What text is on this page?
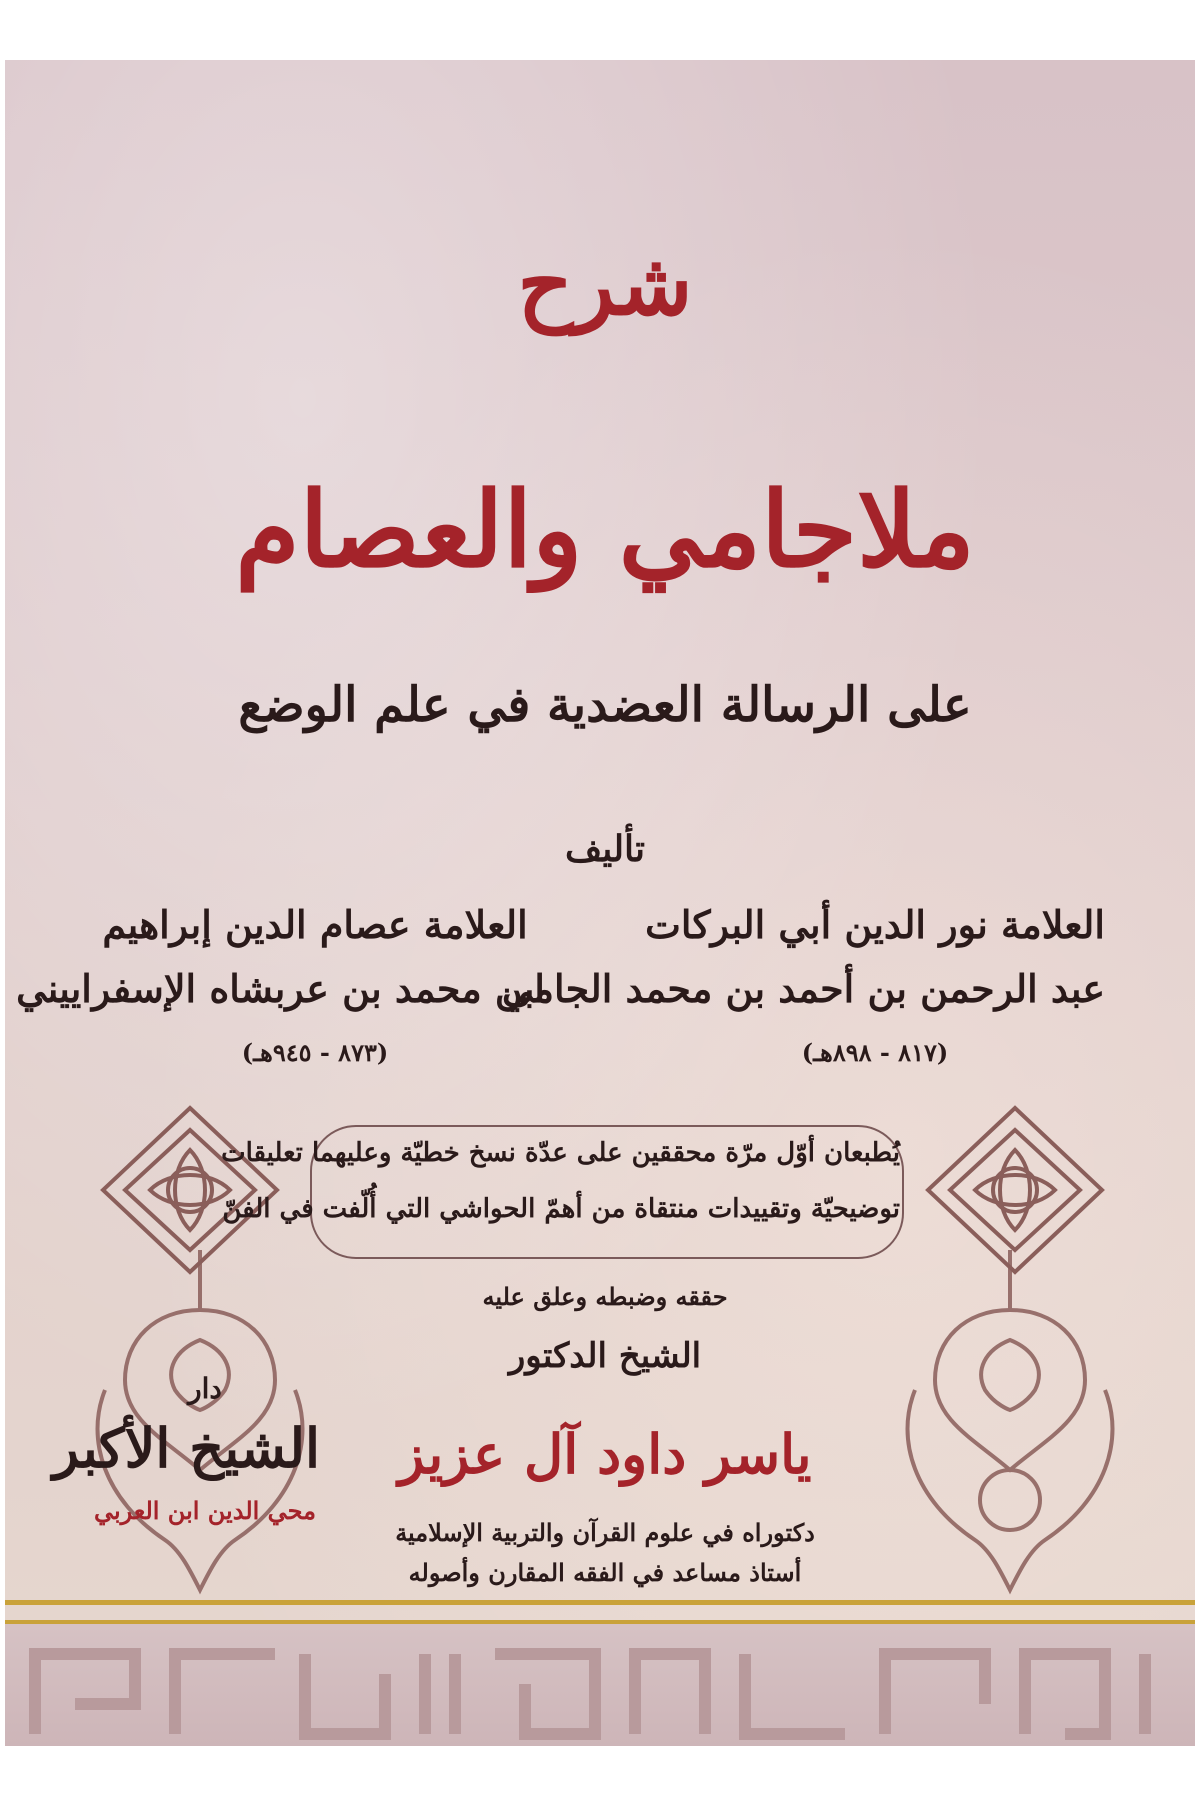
شرح
ملاجامي والعصام
على الرسالة العضدية في علم الوضع
تأليف
العلامة نور الدين أبي البركات
عبد الرحمن بن أحمد بن محمد الجامي
(٨١٧ - ٨٩٨هـ)
العلامة عصام الدين إبراهيم
ابن محمد بن عربشاه الإسفراييني
(٨٧٣ - ٩٤٥هـ)
يُطبعان أوّل مرّة محققين على عدّة نسخ خطيّة وعليهما تعليقات
توضيحيّة وتقييدات منتقاة من أهمّ الحواشي التي أُلّفت في الفنّ
حققه وضبطه وعلق عليه
الشيخ الدكتور
ياسر داود آل عزيز
دكتوراه في علوم القرآن والتربية الإسلامية
أستاذ مساعد في الفقه المقارن وأصوله
دار
الشيخ الأكبر
محي الدين ابن العربي
